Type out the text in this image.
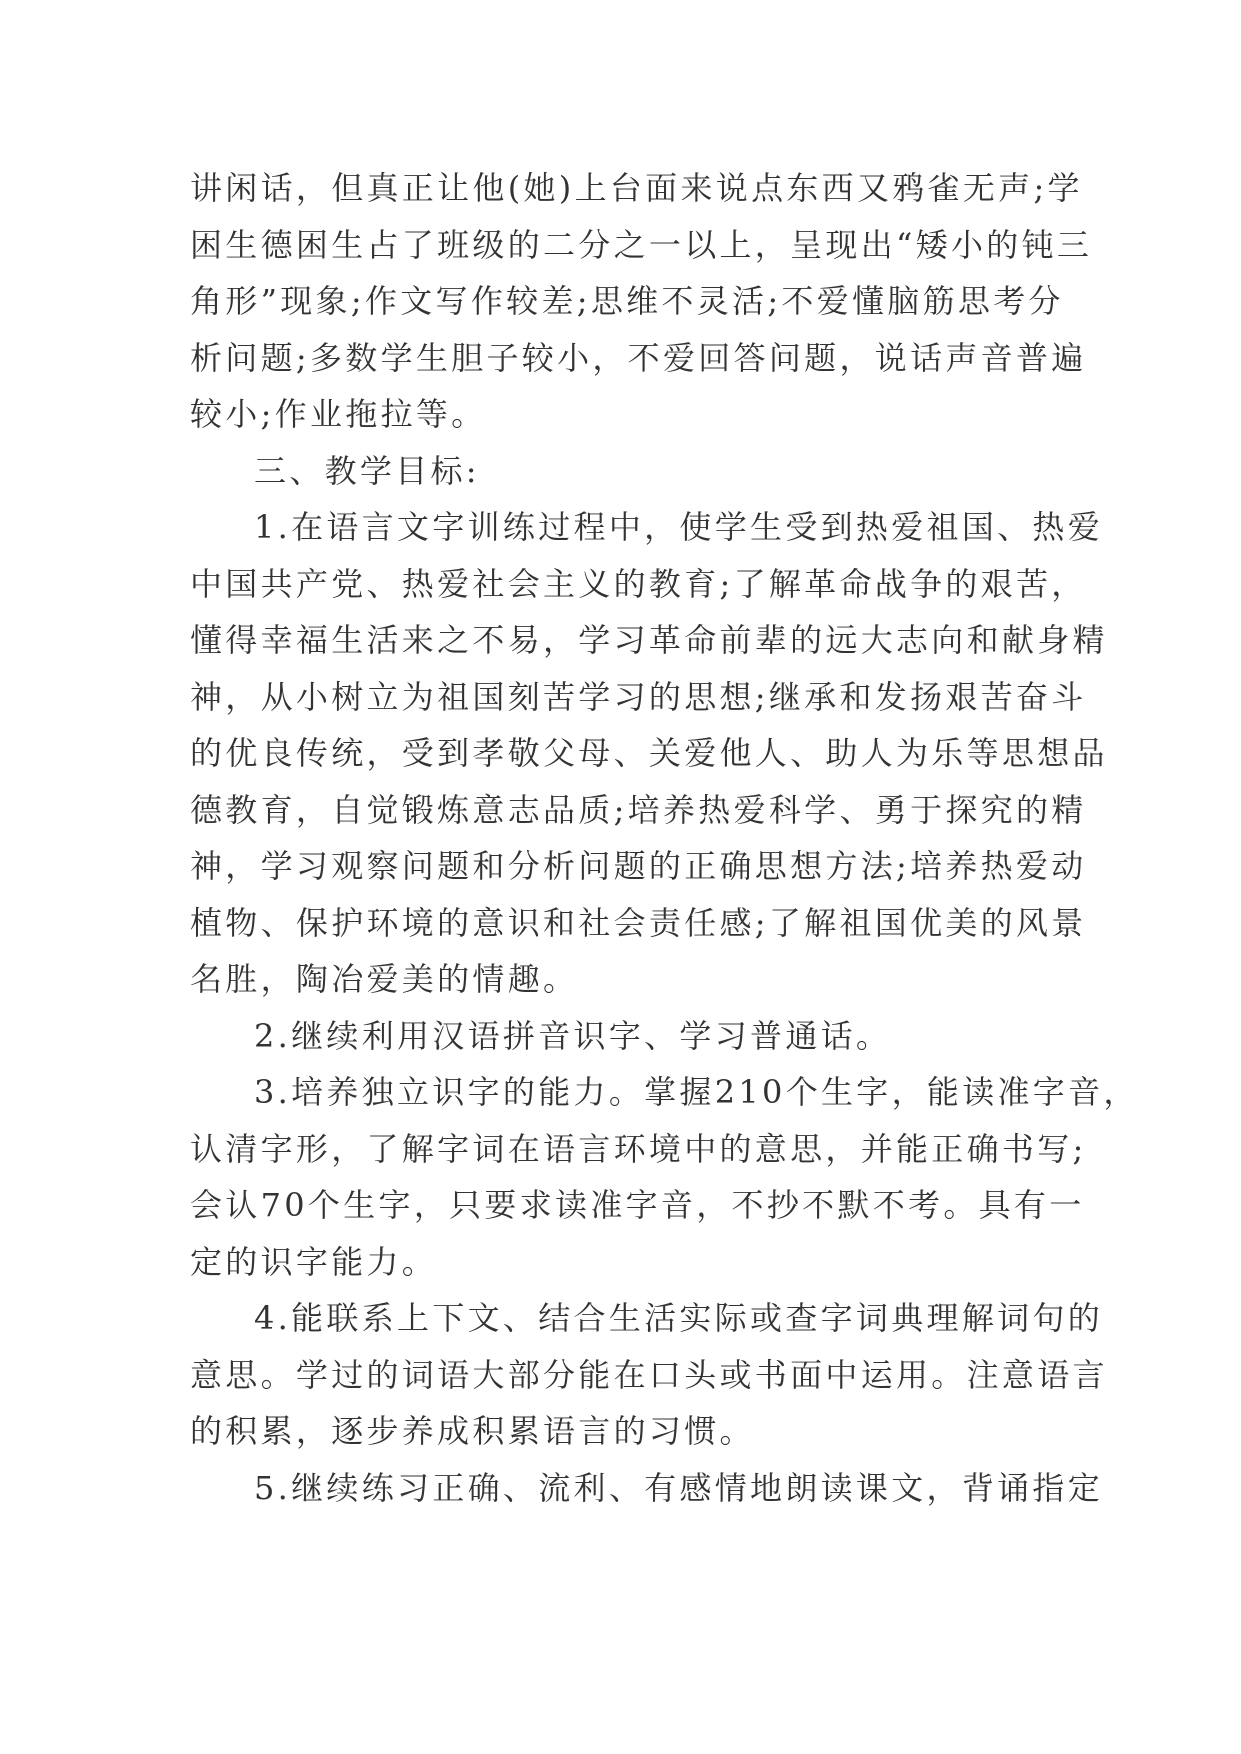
讲闲话，但真正让他(她)上台面来说点东西又鸦雀无声;学
困生德困生占了班级的二分之一以上，呈现出“矮小的钝三
角形”现象;作文写作较差;思维不灵活;不爱懂脑筋思考分
析问题;多数学生胆子较小，不爱回答问题，说话声音普遍
较小;作业拖拉等。
三、教学目标:
1.在语言文字训练过程中，使学生受到热爱祖国、热爱
中国共产党、热爱社会主义的教育;了解革命战争的艰苦，
懂得幸福生活来之不易，学习革命前辈的远大志向和献身精
神，从小树立为祖国刻苦学习的思想;继承和发扬艰苦奋斗
的优良传统，受到孝敬父母、关爱他人、助人为乐等思想品
德教育，自觉锻炼意志品质;培养热爱科学、勇于探究的精
神，学习观察问题和分析问题的正确思想方法;培养热爱动
植物、保护环境的意识和社会责任感;了解祖国优美的风景
名胜，陶冶爱美的情趣。
2.继续利用汉语拼音识字、学习普通话。
3.培养独立识字的能力。掌握210个生字，能读准字音，
认清字形，了解字词在语言环境中的意思，并能正确书写;
会认70个生字，只要求读准字音，不抄不默不考。具有一
定的识字能力。
4.能联系上下文、结合生活实际或查字词典理解词句的
意思。学过的词语大部分能在口头或书面中运用。注意语言
的积累，逐步养成积累语言的习惯。
5.继续练习正确、流利、有感情地朗读课文，背诵指定
